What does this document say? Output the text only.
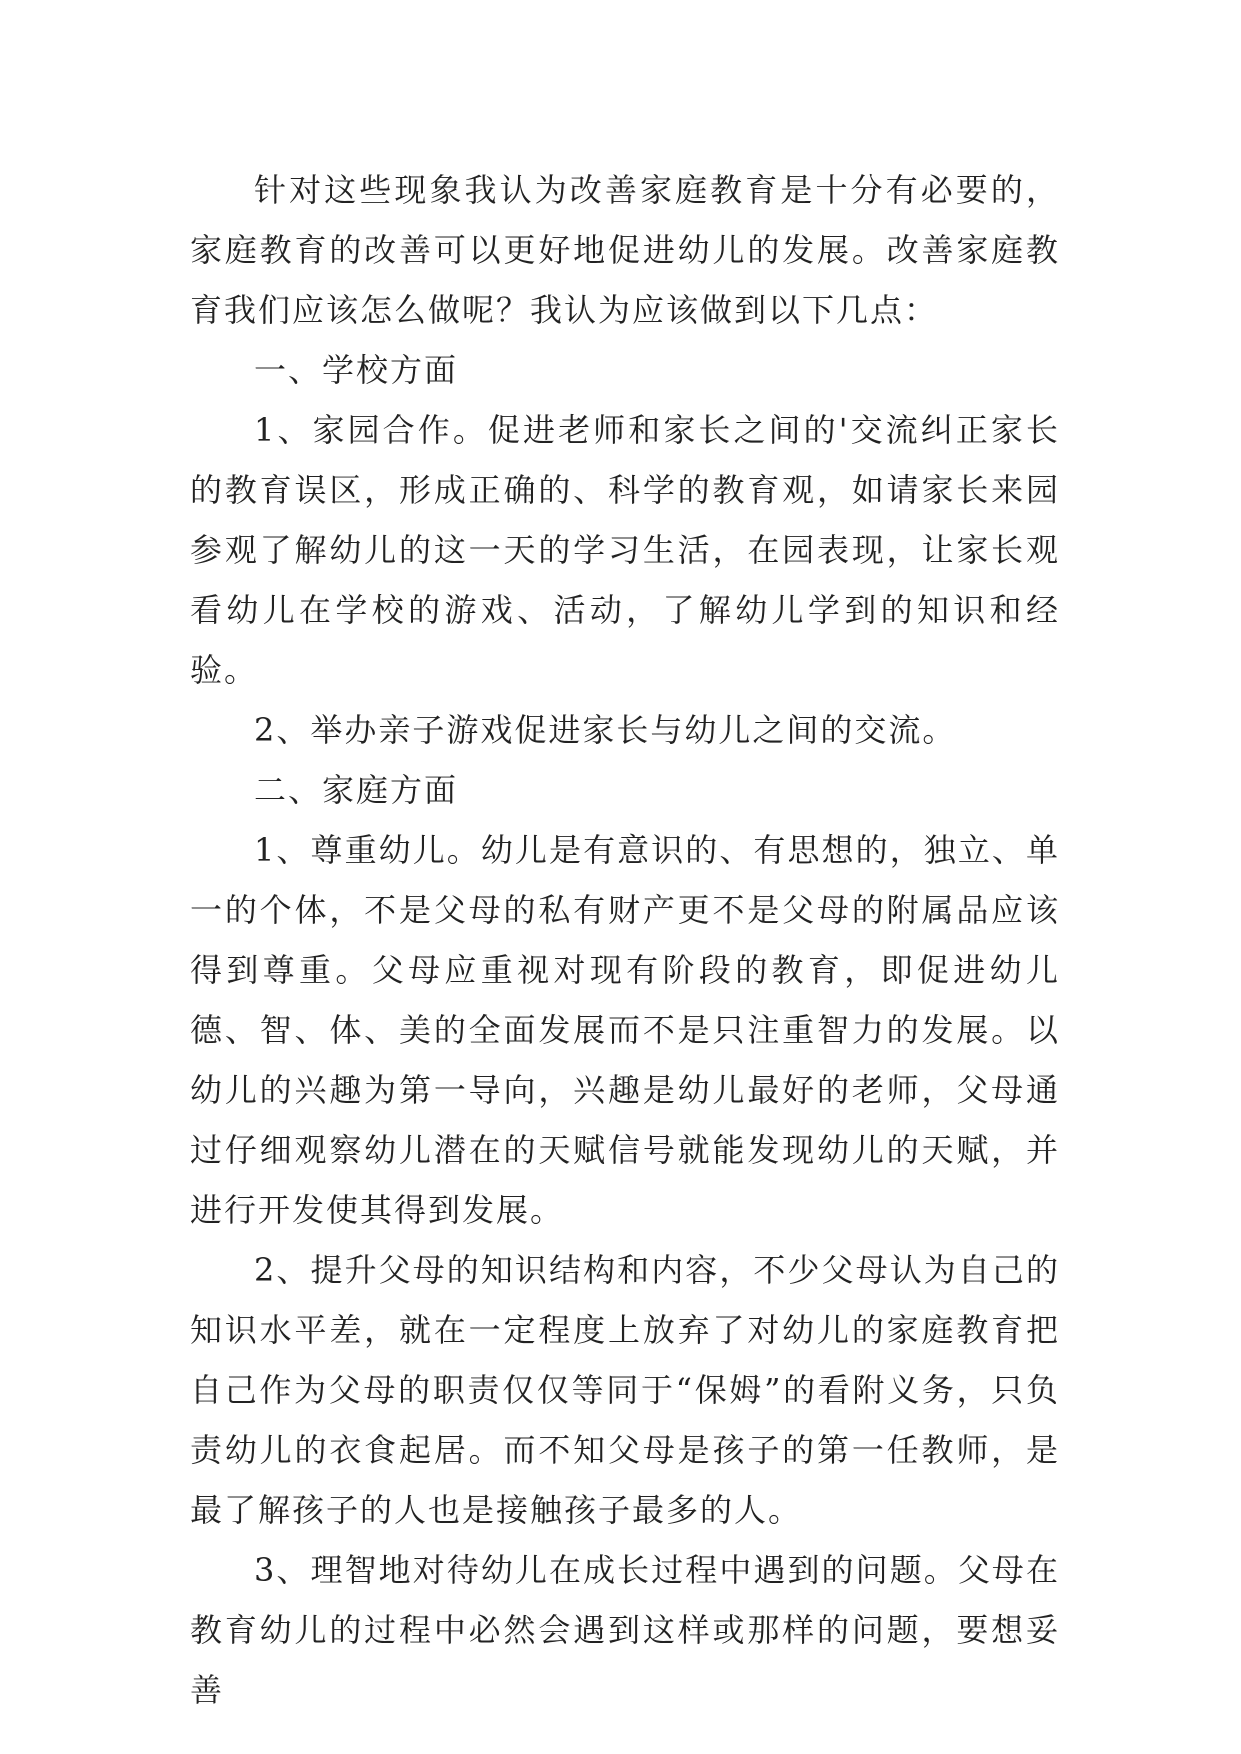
针对这些现象我认为改善家庭教育是十分有必要的，家庭教育的改善可以更好地促进幼儿的发展。改善家庭教育我们应该怎么做呢？我认为应该做到以下几点：

一、学校方面

1、家园合作。促进老师和家长之间的'交流纠正家长的教育误区，形成正确的、科学的教育观，如请家长来园参观了解幼儿的这一天的学习生活，在园表现，让家长观看幼儿在学校的游戏、活动，了解幼儿学到的知识和经验。

2、举办亲子游戏促进家长与幼儿之间的交流。

二、家庭方面

1、尊重幼儿。幼儿是有意识的、有思想的，独立、单一的个体，不是父母的私有财产更不是父母的附属品应该得到尊重。父母应重视对现有阶段的教育，即促进幼儿德、智、体、美的全面发展而不是只注重智力的发展。以幼儿的兴趣为第一导向，兴趣是幼儿最好的老师，父母通过仔细观察幼儿潜在的天赋信号就能发现幼儿的天赋，并进行开发使其得到发展。

2、提升父母的知识结构和内容，不少父母认为自己的知识水平差，就在一定程度上放弃了对幼儿的家庭教育把自己作为父母的职责仅仅等同于“保姆”的看附义务，只负责幼儿的衣食起居。而不知父母是孩子的第一任教师，是最了解孩子的人也是接触孩子最多的人。

3、理智地对待幼儿在成长过程中遇到的问题。父母在教育幼儿的过程中必然会遇到这样或那样的问题，要想妥善
